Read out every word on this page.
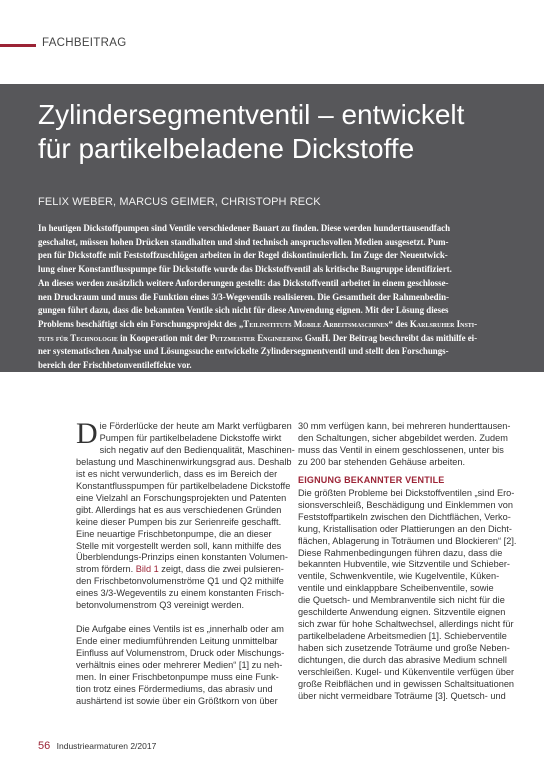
FACHBEITRAG
Zylindersegmentventil – entwickelt
für partikelbeladene Dickstoffe
FELIX WEBER, MARCUS GEIMER, CHRISTOPH RECK
In heutigen Dickstoffpumpen sind Ventile verschiedener Bauart zu finden. Diese werden hunderttausendfach
geschaltet, müssen hohen Drücken standhalten und sind technisch anspruchsvollen Medien ausgesetzt. Pum-
pen für Dickstoffe mit Feststoffzuschlögen arbeiten in der Regel diskontinuierlich. Im Zuge der Neuentwick-
lung einer Konstantflusspumpe für Dickstoffe wurde das Dickstoffventil als kritische Baugruppe identifiziert.
An dieses werden zusätzlich weitere Anforderungen gestellt: das Dickstoffventil arbeitet in einem geschlosse-
nen Druckraum und muss die Funktion eines 3/3-Wegeventils realisieren. Die Gesamtheit der Rahmenbedin-
gungen führt dazu, dass die bekannten Ventile sich nicht für diese Anwendung eignen. Mit der Lösung dieses
Problems beschäftigt sich ein Forschungsprojekt des „Teilinstituts Mobile Arbeitsmaschinen“ des Karlsruher Insti-
tuts für Technologie in Kooperation mit der Putzmeister Engineering GmbH. Der Beitrag beschreibt das mithilfe ei-
ner systematischen Analyse und Lösungssuche entwickelte Zylindersegmentventil und stellt den Forschungs-
bereich der Frischbetonventileffekte vor.
D ie Förderlücke der heute am Markt verfügbaren
Pumpen für partikelbeladene Dickstoffe wirkt
sich negativ auf den Bedienqualität, Maschinen-
belastung und Maschinenwirkungsgrad aus. Deshalb
ist es nicht verwunderlich, dass es im Bereich der
Konstantflusspumpen für partikelbeladene Dickstoffe
eine Vielzahl an Forschungsprojekten und Patenten
gibt. Allerdings hat es aus verschiedenen Gründen
keine dieser Pumpen bis zur Serienreife geschafft.
Eine neuartige Frischbetonpumpe, die an dieser
Stelle mit vorgestellt werden soll, kann mithilfe des
Überblendungs-Prinzips einen konstanten Volumen-
strom fördern. Bild 1 zeigt, dass die zwei pulsieren-
den Frischbetonvolumenströme Q1 und Q2 mithilfe
eines 3/3-Wegeventils zu einem konstanten Frisch-
betonvolumenstrom Q3 vereinigt werden.
Die Aufgabe eines Ventils ist es „innerhalb oder am
Ende einer mediumführenden Leitung unmittelbar
Einfluss auf Volumenstrom, Druck oder Mischungs-
verhältnis eines oder mehrerer Medien“ [1] zu neh-
men. In einer Frischbetonpumpe muss eine Funk-
tion trotz eines Fördermediums, das abrasiv und
aushärtend ist sowie über ein Größtkorn von über
30 mm verfügen kann, bei mehreren hunderttausen-
den Schaltungen, sicher abgebildet werden. Zudem
muss das Ventil in einem geschlossenen, unter bis
zu 200 bar stehenden Gehäuse arbeiten.
EIGNUNG BEKANNTER VENTILE
Die größten Probleme bei Dickstoffventilen „sind Ero-
sionsverschleiß, Beschädigung und Einklemmen von
Feststoffpartikeln zwischen den Dichtflächen, Verko-
kung, Kristallisation oder Plattierungen an den Dicht-
flächen, Ablagerung in Toträumen und Blockieren“ [2].
Diese Rahmenbedingungen führen dazu, dass die
bekannten Hubventile, wie Sitzventile und Schieber-
ventile, Schwenkventile, wie Kugelventile, Küken-
ventile und einklappbare Scheibenventile, sowie
die Quetsch- und Membranventile sich nicht für die
geschilderte Anwendung eignen. Sitzventile eignen
sich zwar für hohe Schaltwechsel, allerdings nicht für
partikelbeladene Arbeitsmedien [1]. Schieberventile
haben sich zusetzende Toträume und große Neben-
dichtungen, die durch das abrasive Medium schnell
verschleißen. Kugel- und Kükenventile verfügen über
große Reibflächen und in gewissen Schaltsituationen
über nicht vermeidbare Toträume [3]. Quetsch- und
56 Industriearmaturen 2/2017
